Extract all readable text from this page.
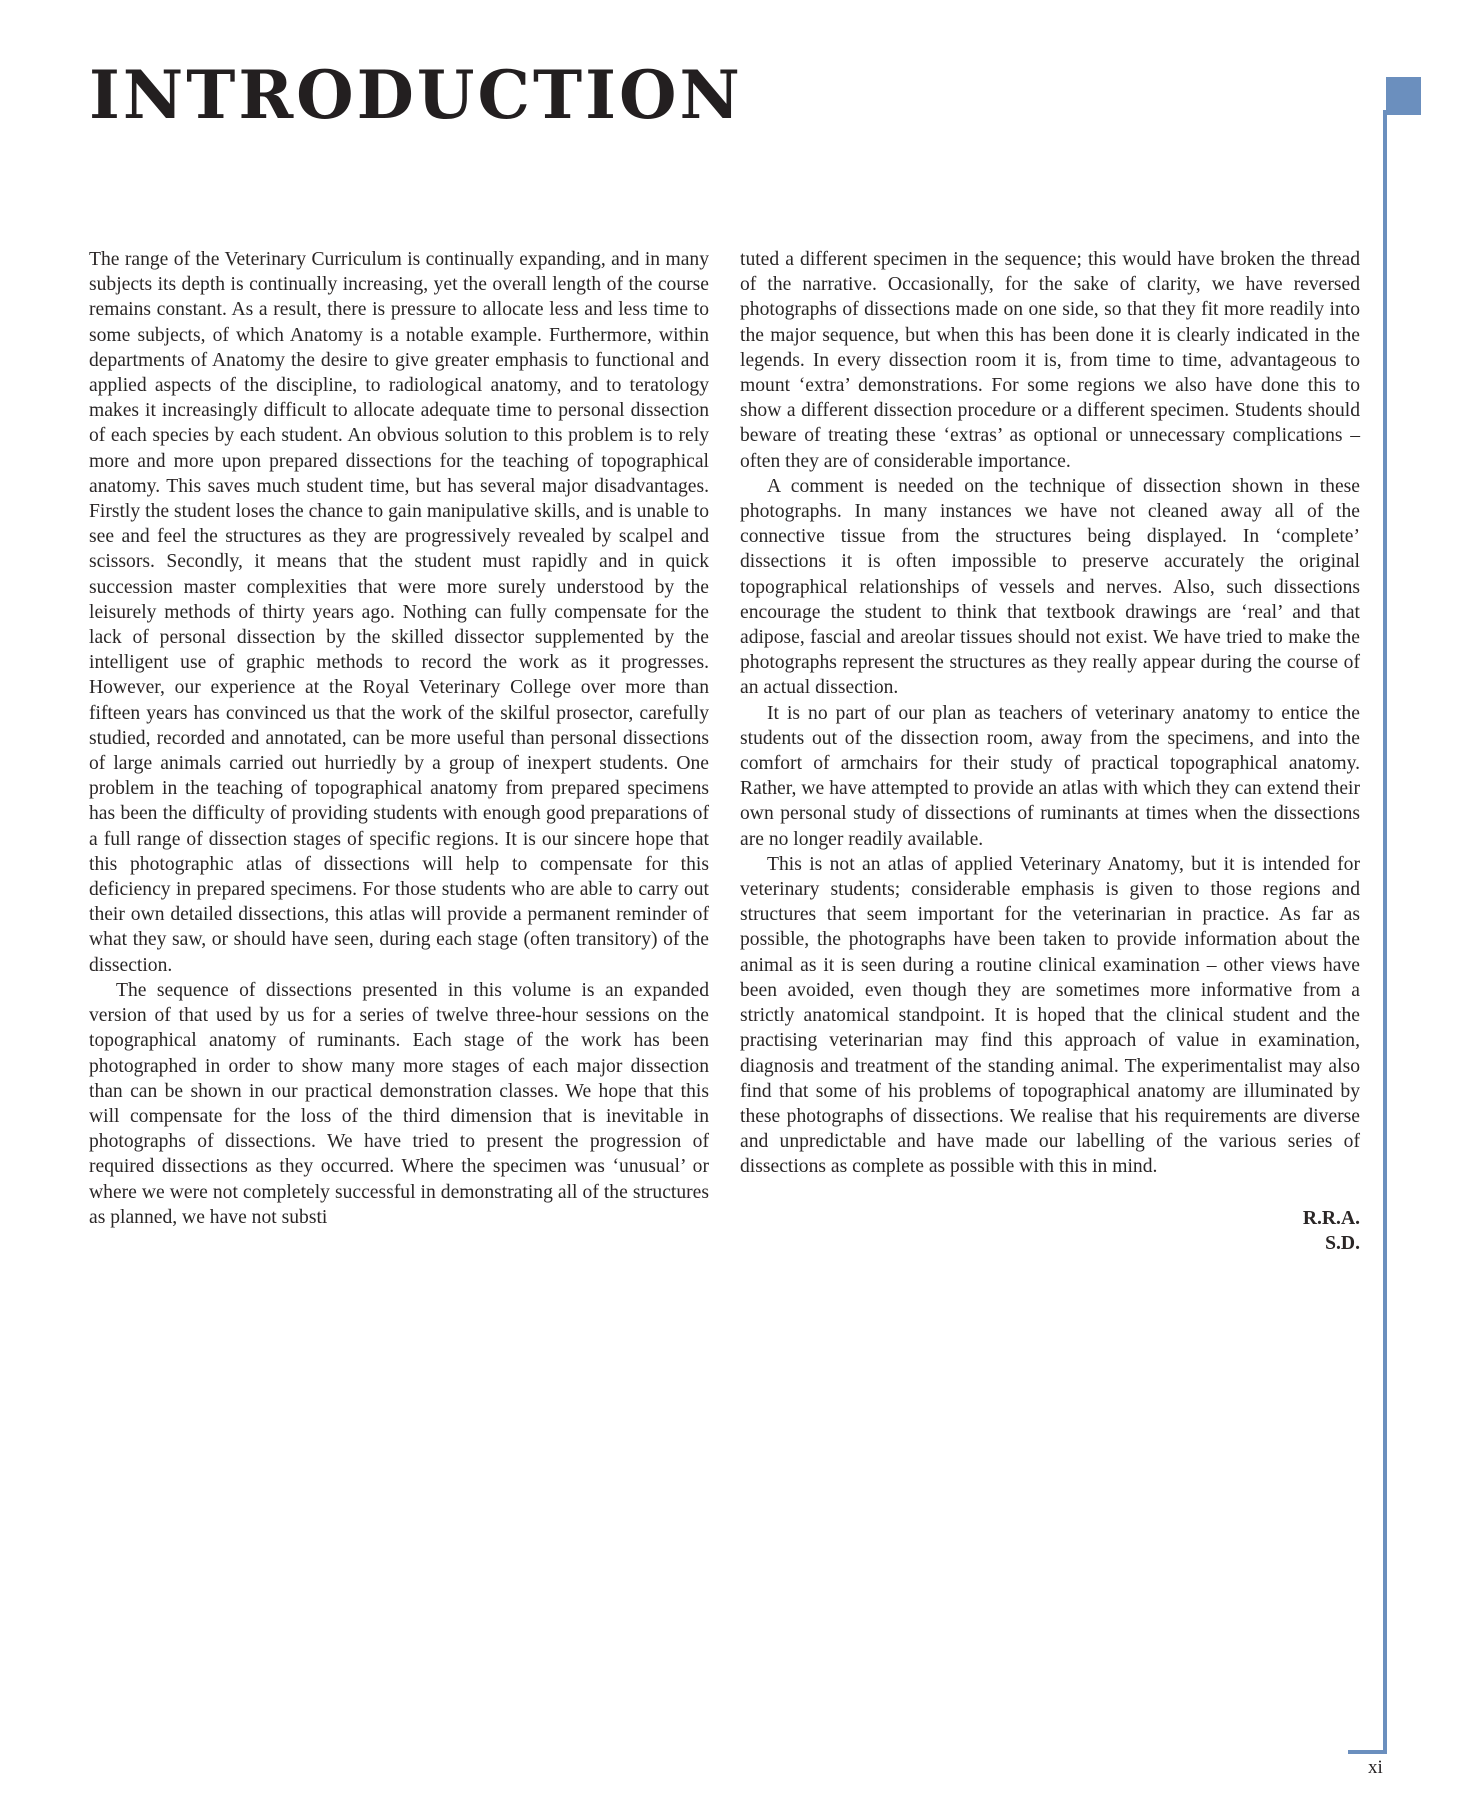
INTRODUCTION

The range of the Veterinary Curriculum is continually expanding, and in many subjects its depth is continually increasing, yet the overall length of the course remains constant. As a result, there is pressure to allocate less and less time to some subjects, of which Anatomy is a notable example. Furthermore, within departments of Anatomy the desire to give greater emphasis to functional and applied aspects of the discipline, to radiological anatomy, and to teratology makes it increasingly difficult to allocate adequate time to personal dissection of each species by each student. An obvious solution to this problem is to rely more and more upon prepared dissections for the teaching of topographical anatomy. This saves much student time, but has several major disadvantages. Firstly the student loses the chance to gain manipulative skills, and is unable to see and feel the structures as they are progressively revealed by scalpel and scissors. Secondly, it means that the student must rapidly and in quick succession master complexities that were more surely understood by the leisurely methods of thirty years ago. Nothing can fully compensate for the lack of personal dissection by the skilled dissector supplemented by the intelligent use of graphic methods to record the work as it progresses. However, our experience at the Royal Veterinary College over more than fifteen years has convinced us that the work of the skilful prosector, carefully studied, recorded and annotated, can be more useful than personal dissections of large animals carried out hurriedly by a group of inexpert students. One problem in the teaching of topographical anatomy from prepared specimens has been the difficulty of providing students with enough good preparations of a full range of dissection stages of specific regions. It is our sincere hope that this photographic atlas of dissections will help to compensate for this deficiency in prepared specimens. For those students who are able to carry out their own detailed dissections, this atlas will provide a permanent reminder of what they saw, or should have seen, during each stage (often transitory) of the dissection.

The sequence of dissections presented in this volume is an expanded version of that used by us for a series of twelve three-hour sessions on the topographical anatomy of ruminants. Each stage of the work has been photographed in order to show many more stages of each major dissection than can be shown in our practical demonstration classes. We hope that this will compensate for the loss of the third dimension that is inevitable in photographs of dissections. We have tried to present the progression of required dissections as they occurred. Where the specimen was ‘unusual’ or where we were not completely successful in demonstrating all of the structures as planned, we have not substi

tuted a different specimen in the sequence; this would have broken the thread of the narrative. Occasionally, for the sake of clarity, we have reversed photographs of dissections made on one side, so that they fit more readily into the major sequence, but when this has been done it is clearly indicated in the legends. In every dissection room it is, from time to time, advantageous to mount ‘extra’ demonstrations. For some regions we also have done this to show a different dissection procedure or a different specimen. Students should beware of treating these ‘extras’ as optional or unnecessary complications – often they are of considerable importance.

A comment is needed on the technique of dissection shown in these photographs. In many instances we have not cleaned away all of the connective tissue from the structures being displayed. In ‘complete’ dissections it is often impossible to preserve accurately the original topographical relationships of vessels and nerves. Also, such dissections encourage the student to think that textbook drawings are ‘real’ and that adipose, fascial and areolar tissues should not exist. We have tried to make the photographs represent the structures as they really appear during the course of an actual dissection.

It is no part of our plan as teachers of veterinary anatomy to entice the students out of the dissection room, away from the specimens, and into the comfort of armchairs for their study of practical topographical anatomy. Rather, we have attempted to provide an atlas with which they can extend their own personal study of dissections of ruminants at times when the dissections are no longer readily available.

This is not an atlas of applied Veterinary Anatomy, but it is intended for veterinary students; considerable emphasis is given to those regions and structures that seem important for the veterinarian in practice. As far as possible, the photographs have been taken to provide information about the animal as it is seen during a routine clinical examination – other views have been avoided, even though they are sometimes more informative from a strictly anatomical standpoint. It is hoped that the clinical student and the practising veterinarian may find this approach of value in examination, diagnosis and treatment of the standing animal. The experimentalist may also find that some of his problems of topographical anatomy are illuminated by these photographs of dissections. We realise that his requirements are diverse and unpredictable and have made our labelling of the various series of dissections as complete as possible with this in mind.

R.R.A.
S.D.
xi
